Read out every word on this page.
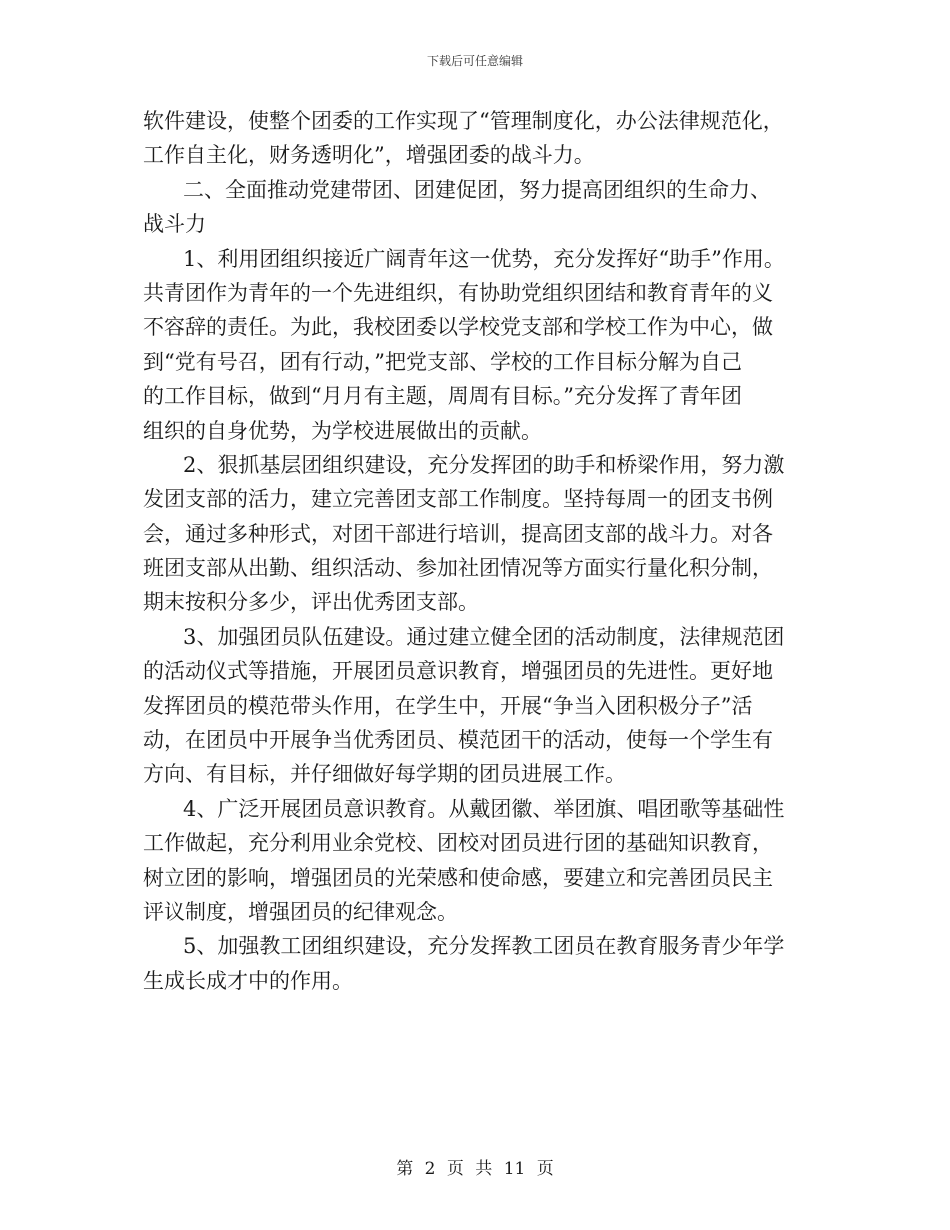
下载后可任意编辑
软件建设，使整个团委的工作实现了“管理制度化，办公法律规范化，
工作自主化，财务透明化”，增强团委的战斗力。
二、全面推动党建带团、团建促团，努力提高团组织的生命力、
战斗力
1、利用团组织接近广阔青年这一优势，充分发挥好“助手”作用。
共青团作为青年的一个先进组织，有协助党组织团结和教育青年的义
不容辞的责任。为此，我校团委以学校党支部和学校工作为中心，做
到“党有号召，团有行动，”把党支部、学校的工作目标分解为自己
的工作目标，做到“月月有主题，周周有目标。”充分发挥了青年团
组织的自身优势，为学校进展做出的贡献。
2、狠抓基层团组织建设，充分发挥团的助手和桥梁作用，努力激
发团支部的活力，建立完善团支部工作制度。坚持每周一的团支书例
会，通过多种形式，对团干部进行培训，提高团支部的战斗力。对各
班团支部从出勤、组织活动、参加社团情况等方面实行量化积分制，
期末按积分多少，评出优秀团支部。
3、加强团员队伍建设。通过建立健全团的活动制度，法律规范团
的活动仪式等措施，开展团员意识教育，增强团员的先进性。更好地
发挥团员的模范带头作用，在学生中，开展“争当入团积极分子”活
动，在团员中开展争当优秀团员、模范团干的活动，使每一个学生有
方向、有目标，并仔细做好每学期的团员进展工作。
4、广泛开展团员意识教育。从戴团徽、举团旗、唱团歌等基础性
工作做起，充分利用业余党校、团校对团员进行团的基础知识教育，
树立团的影响，增强团员的光荣感和使命感，要建立和完善团员民主
评议制度，增强团员的纪律观念。
5、加强教工团组织建设，充分发挥教工团员在教育服务青少年学
生成长成才中的作用。
第 2 页 共 11 页
